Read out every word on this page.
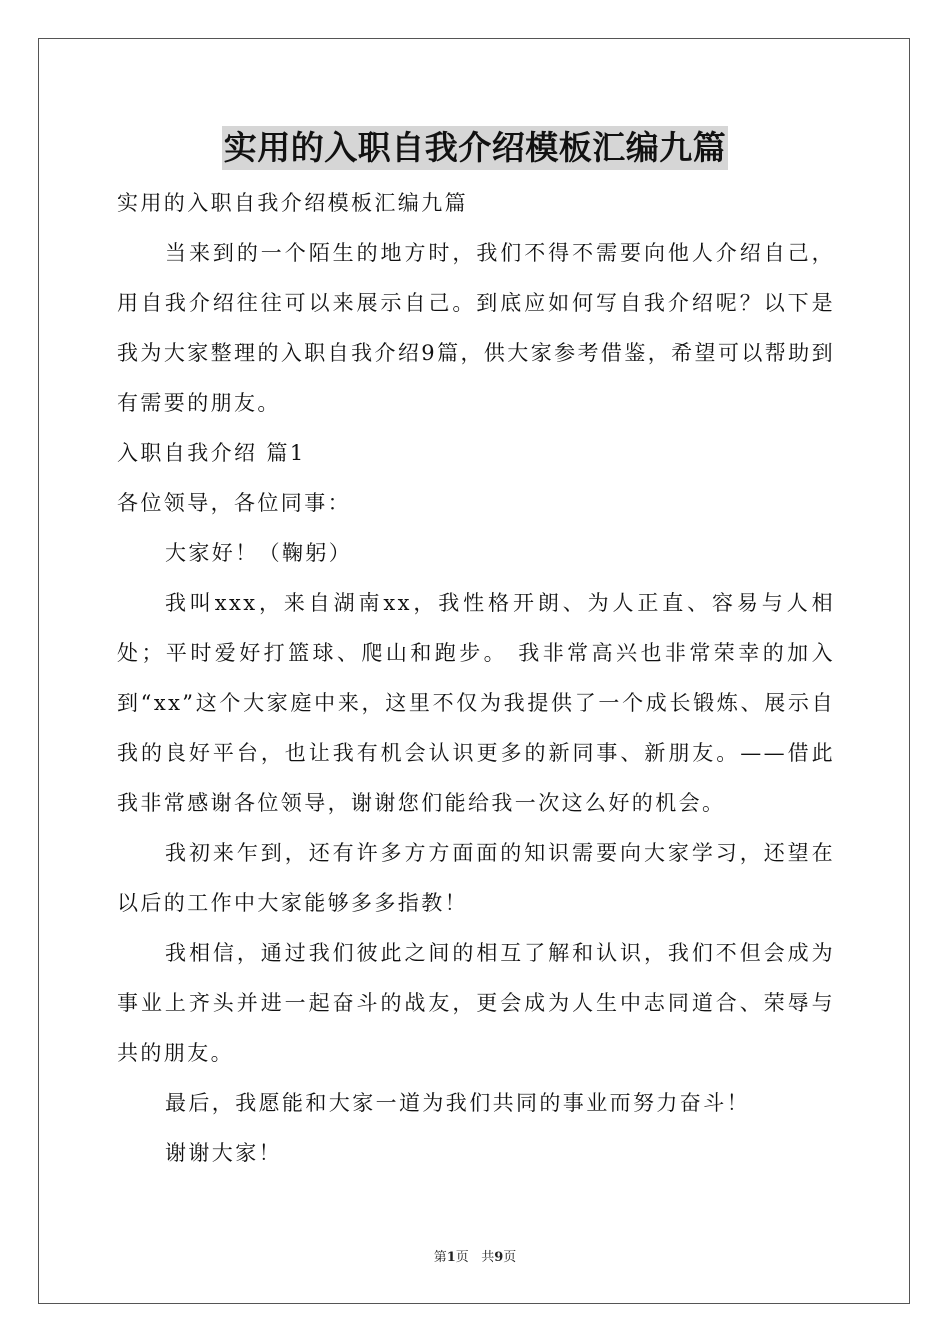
实用的入职自我介绍模板汇编九篇

实用的入职自我介绍模板汇编九篇

当来到的一个陌生的地方时，我们不得不需要向他人介绍自己，用自我介绍往往可以来展示自己。到底应如何写自我介绍呢？以下是我为大家整理的入职自我介绍9篇，供大家参考借鉴，希望可以帮助到有需要的朋友。

入职自我介绍 篇1

各位领导，各位同事：

大家好！（鞠躬）

我叫xxx，来自湖南xx，我性格开朗、为人正直、容易与人相处；平时爱好打篮球、爬山和跑步。 我非常高兴也非常荣幸的加入到“xx”这个大家庭中来，这里不仅为我提供了一个成长锻炼、展示自我的良好平台，也让我有机会认识更多的新同事、新朋友。——借此我非常感谢各位领导，谢谢您们能给我一次这么好的机会。

我初来乍到，还有许多方方面面的知识需要向大家学习，还望在以后的工作中大家能够多多指教！

我相信，通过我们彼此之间的相互了解和认识，我们不但会成为事业上齐头并进一起奋斗的战友，更会成为人生中志同道合、荣辱与共的朋友。

最后，我愿能和大家一道为我们共同的事业而努力奋斗！

谢谢大家！

第1页 共9页
